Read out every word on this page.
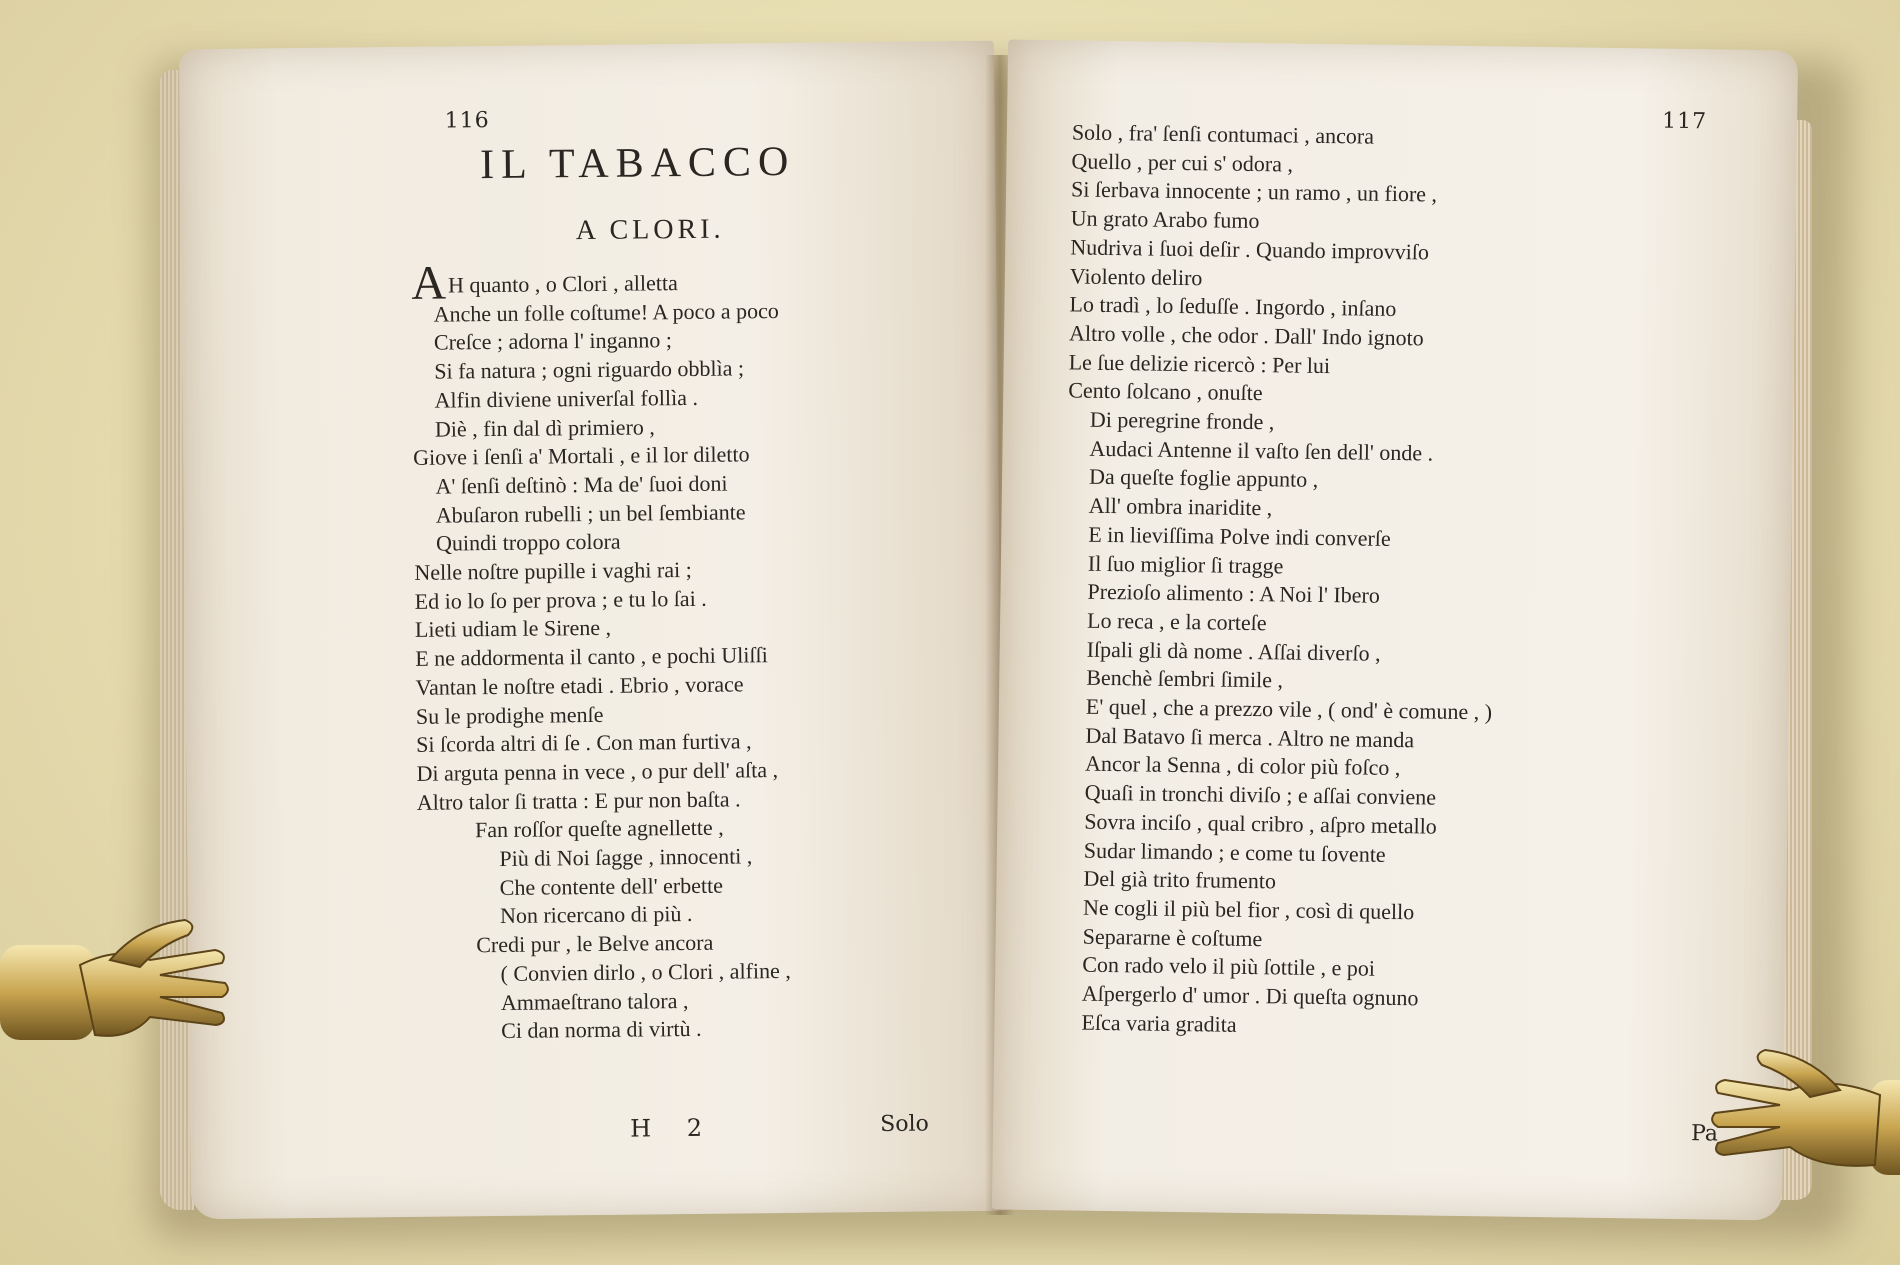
116
IL TABACCO
A CLORI.
AH quanto , o Clori , alletta
Anche un folle coſtume! A poco a poco
Creſce ; adorna l' inganno ;
Si fa natura ; ogni riguardo obblìa ;
Alfin diviene univerſal follìa .
Diè , fin dal dì primiero ,
Giove i ſenſi a' Mortali , e il lor diletto
A' ſenſi deſtinò : Ma de' ſuoi doni
Abuſaron rubelli ; un bel ſembiante
Quindi troppo colora
Nelle noſtre pupille i vaghi rai ;
Ed io lo ſo per prova ; e tu lo ſai .
Lieti udiam le Sirene ,
E ne addormenta il canto , e pochi Uliſſi
Vantan le noſtre etadi . Ebrio , vorace
Su le prodighe menſe
Si ſcorda altri di ſe . Con man furtiva ,
Di arguta penna in vece , o pur dell' aſta ,
Altro talor ſi tratta : E pur non baſta .
Fan roſſor queſte agnellette ,
Più di Noi ſagge , innocenti ,
Che contente dell' erbette
Non ricercano di più .
Credi pur , le Belve ancora
( Convien dirlo , o Clori , alfine ,
Ammaeſtrano talora ,
Ci dan norma di virtù .
H 2	Solo
117
Solo , fra' ſenſi contumaci , ancora
Quello , per cui s' odora ,
Si ſerbava innocente ; un ramo , un fiore ,
Un grato Arabo fumo
Nudriva i ſuoi deſir . Quando improvviſo
Violento deliro
Lo tradì , lo ſeduſſe . Ingordo , inſano
Altro volle , che odor . Dall' Indo ignoto
Le ſue delizie ricercò : Per lui
Cento ſolcano , onuſte
Di peregrine fronde ,
Audaci Antenne il vaſto ſen dell' onde .
Da queſte foglie appunto ,
All' ombra inaridite ,
E in lieviſſima Polve indi converſe
Il ſuo miglior ſi tragge
Prezioſo alimento : A Noi l' Ibero
Lo reca , e la corteſe
Iſpali gli dà nome . Aſſai diverſo ,
Benchè ſembri ſimile ,
E' quel , che a prezzo vile , ( ond' è comune , )
Dal Batavo ſi merca . Altro ne manda
Ancor la Senna , di color più foſco ,
Quaſi in tronchi diviſo ; e aſſai conviene
Sovra inciſo , qual cribro , aſpro metallo
Sudar limando ; e come tu ſovente
Del già trito frumento
Ne cogli il più bel fior , così di quello
Separarne è coſtume
Con rado velo il più ſottile , e poi
Aſpergerlo d' umor . Di queſta ognuno
Eſca varia gradita
Pa
